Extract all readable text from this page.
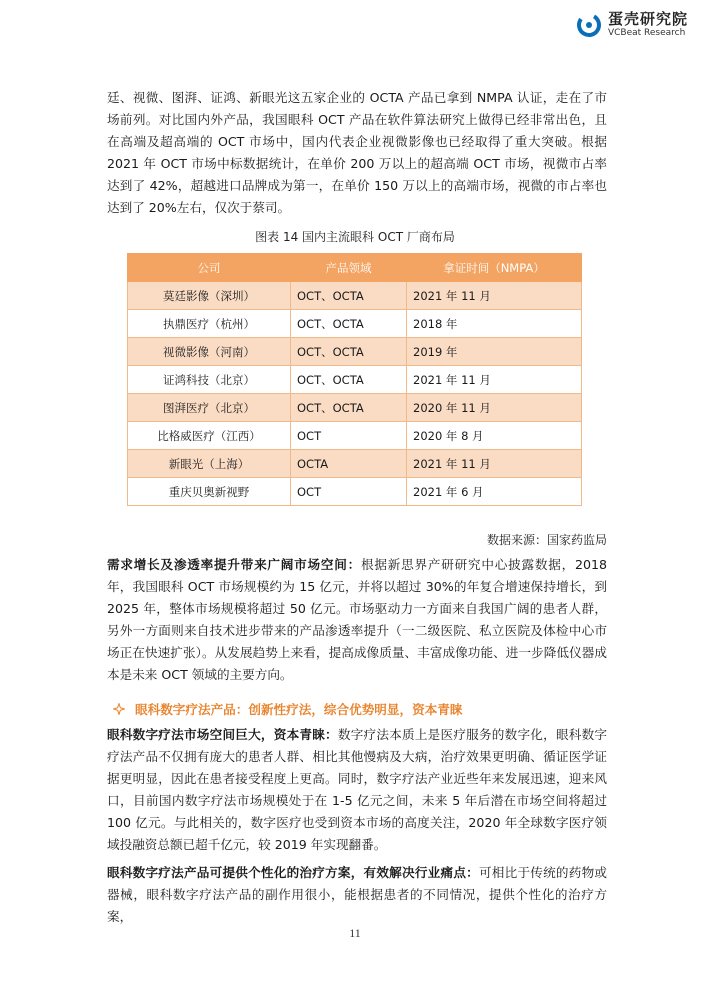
蛋壳研究院
VCBeat Research

廷、视微、图湃、证鸿、新眼光这五家企业的 OCTA 产品已拿到 NMPA 认证，走在了市场前列。对比国内外产品，我国眼科 OCT 产品在软件算法研究上做得已经非常出色，且在高端及超高端的 OCT 市场中，国内代表企业视微影像也已经取得了重大突破。根据 2021 年 OCT 市场中标数据统计，在单价 200 万以上的超高端 OCT 市场，视微市占率达到了 42%，超越进口品牌成为第一，在单价 150 万以上的高端市场，视微的市占率也达到了 20%左右，仅次于蔡司。

图表 14 国内主流眼科 OCT 厂商布局
公司	产品领域	拿证时间（NMPA）
莫廷影像（深圳）	OCT、OCTA	2021 年 11 月
执鼎医疗（杭州）	OCT、OCTA	2018 年
视微影像（河南）	OCT、OCTA	2019 年
证鸿科技（北京）	OCT、OCTA	2021 年 11 月
图湃医疗（北京）	OCT、OCTA	2020 年 11 月
比格威医疗（江西）	OCT	2020 年 8 月
新眼光（上海）	OCTA	2021 年 11 月
重庆贝奥新视野	OCT	2021 年 6 月
数据来源：国家药监局

需求增长及渗透率提升带来广阔市场空间：根据新思界产研研究中心披露数据，2018 年，我国眼科 OCT 市场规模约为 15 亿元，并将以超过 30%的年复合增速保持增长，到 2025 年，整体市场规模将超过 50 亿元。市场驱动力一方面来自我国广阔的患者人群，另外一方面则来自技术进步带来的产品渗透率提升（一二级医院、私立医院及体检中心市场正在快速扩张）。从发展趋势上来看，提高成像质量、丰富成像功能、进一步降低仪器成本是未来 OCT 领域的主要方向。

眼科数字疗法产品：创新性疗法，综合优势明显，资本青睐

眼科数字疗法市场空间巨大，资本青睐：数字疗法本质上是医疗服务的数字化，眼科数字疗法产品不仅拥有庞大的患者人群、相比其他慢病及大病，治疗效果更明确、循证医学证据更明显，因此在患者接受程度上更高。同时，数字疗法产业近些年来发展迅速，迎来风口，目前国内数字疗法市场规模处于在 1-5 亿元之间，未来 5 年后潜在市场空间将超过 100 亿元。与此相关的，数字医疗也受到资本市场的高度关注，2020 年全球数字医疗领域投融资总额已超千亿元，较 2019 年实现翻番。

眼科数字疗法产品可提供个性化的治疗方案，有效解决行业痛点：可相比于传统的药物或器械，眼科数字疗法产品的副作用很小，能根据患者的不同情况，提供个性化的治疗方案，

11
